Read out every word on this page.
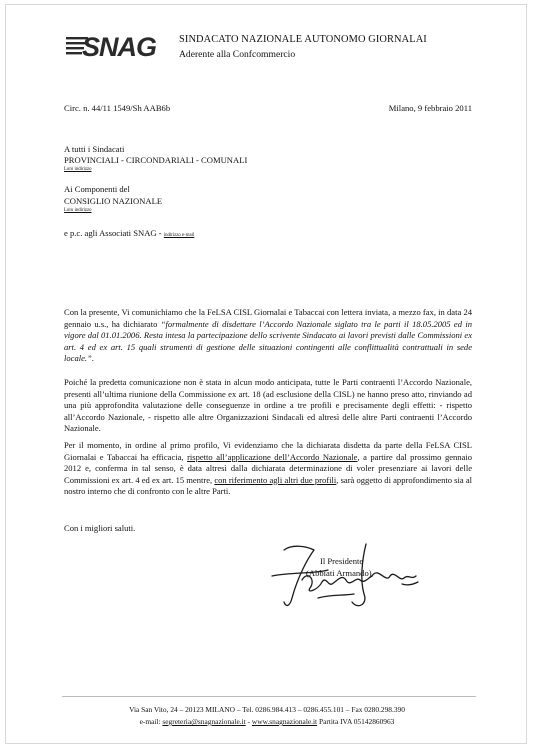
SNAG SINDACATO NAZIONALE AUTONOMO GIORNALAI
Aderente alla Confcommercio
Circ. n. 44/11 1549/Sh AAB6b	Milano, 9 febbraio 2011
A tutti i Sindacati
PROVINCIALI - CIRCONDARIALI - COMUNALI
Loro indirizzo
Ai Componenti del
CONSIGLIO NAZIONALE
Loro indirizzo
e p.c. agli Associati SNAG - indirizzo e-mail

Con la presente, Vi comunichiamo che la FeLSA CISL Giornalai e Tabaccai con lettera inviata, a mezzo fax, in data 24 gennaio u.s., ha dichiarato “formalmente di disdettare l’Accordo Nazionale siglato tra le parti il 18.05.2005 ed in vigore dal 01.01.2006. Resta intesa la partecipazione dello scrivente Sindacato ai lavori previsti dalle Commissioni ex art. 4 ed ex art. 15 quali strumenti di gestione delle situazioni contingenti alle conflittualità contrattuali in sede locale.”.

Poiché la predetta comunicazione non è stata in alcun modo anticipata, tutte le Parti contraenti l’Accordo Nazionale, presenti all’ultima riunione della Commissione ex art. 18 (ad esclusione della CISL) ne hanno preso atto, rinviando ad una più approfondita valutazione delle conseguenze in ordine a tre profili e precisamente degli effetti: - rispetto all’Accordo Nazionale, - rispetto alle altre Organizzazioni Sindacali ed altresì delle altre Parti contraenti l’Accordo Nazionale.

Per il momento, in ordine al primo profilo, Vi evidenziamo che la dichiarata disdetta da parte della FeLSA CISL Giornalai e Tabaccai ha efficacia, rispetto all’applicazione dell’Accordo Nazionale, a partire dal prossimo gennaio 2012 e, conferma in tal senso, è data altresì dalla dichiarata determinazione di voler presenziare ai lavori delle Commissioni ex art. 4 ed ex art. 15 mentre, con riferimento agli altri due profili, sarà oggetto di approfondimento sia al nostro interno che di confronto con le altre Parti.

Con i migliori saluti.

Il Presidente
(Abbiati Armando)
Via San Vito, 24 – 20123 MILANO – Tel. 0286.984.413 – 0286.455.101 – Fax 0280.298.390
e-mail: segreteria@snagnazionale.it - www.snagnazionale.it Partita IVA 05142860963
